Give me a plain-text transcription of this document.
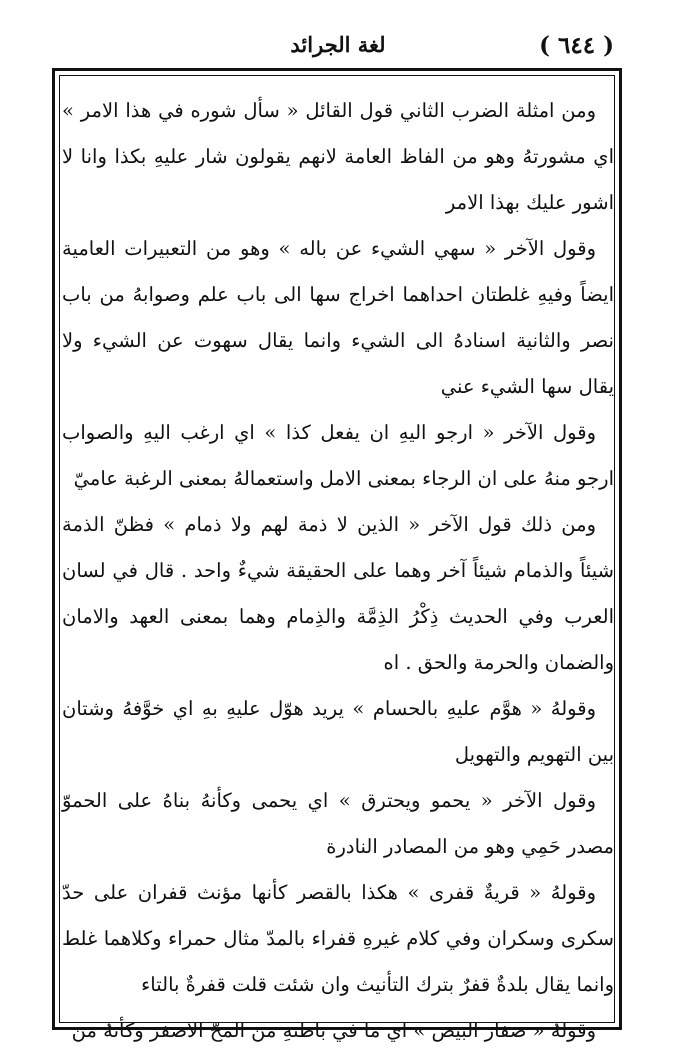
( ٦٤٤ )
لغة الجرائد

ومن امثلة الضرب الثاني قول القائل « سأل شوره في هذا الامر » اي مشورتهُ وهو من الفاظ العامة لانهم يقولون شار عليهِ بكذا وانا لا اشور عليك بهذا الامر

وقول الآخر « سهي الشيء عن باله » وهو من التعبيرات العامية ايضاً وفيهِ غلطتان احداهما اخراج سها الى باب علم وصوابهُ من باب نصر والثانية اسنادهُ الى الشيء وانما يقال سهوت عن الشيء ولا يقال سها الشيء عني

وقول الآخر « ارجو اليهِ ان يفعل كذا » اي ارغب اليهِ والصواب ارجو منهُ على ان الرجاء بمعنى الامل واستعمالهُ بمعنى الرغبة عاميّ

ومن ذلك قول الآخر « الذين لا ذمة لهم ولا ذمام » فظنّ الذمة شيئاً والذمام شيئاً آخر وهما على الحقيقة شيءٌ واحد . قال في لسان العرب وفي الحديث ذِكْرُ الذِمَّة والذِمام وهما بمعنى العهد والامان والضمان والحرمة والحق . اه

وقولهُ « هوَّم عليهِ بالحسام » يريد هوّل عليهِ بهِ اي خوَّفهُ وشتان بين التهويم والتهويل

وقول الآخر « يحمو ويحترق » اي يحمى وكأنهُ بناهُ على الحموّ مصدر حَمِي وهو من المصادر النادرة

وقولهُ « قريةٌ قفرى » هكذا بالقصر كأنها مؤنث قفران على حدّ سكرى وسكران وفي كلام غيرهِ قفراء بالمدّ مثال حمراء وكلاهما غلط وانما يقال بلدةٌ قفرٌ بترك التأنيث وان شئت قلت قفرةٌ بالتاء

وقولهُ « صفار البيض » اي ما في باطنهِ من المحّ الاصفر وكأنهُ من
